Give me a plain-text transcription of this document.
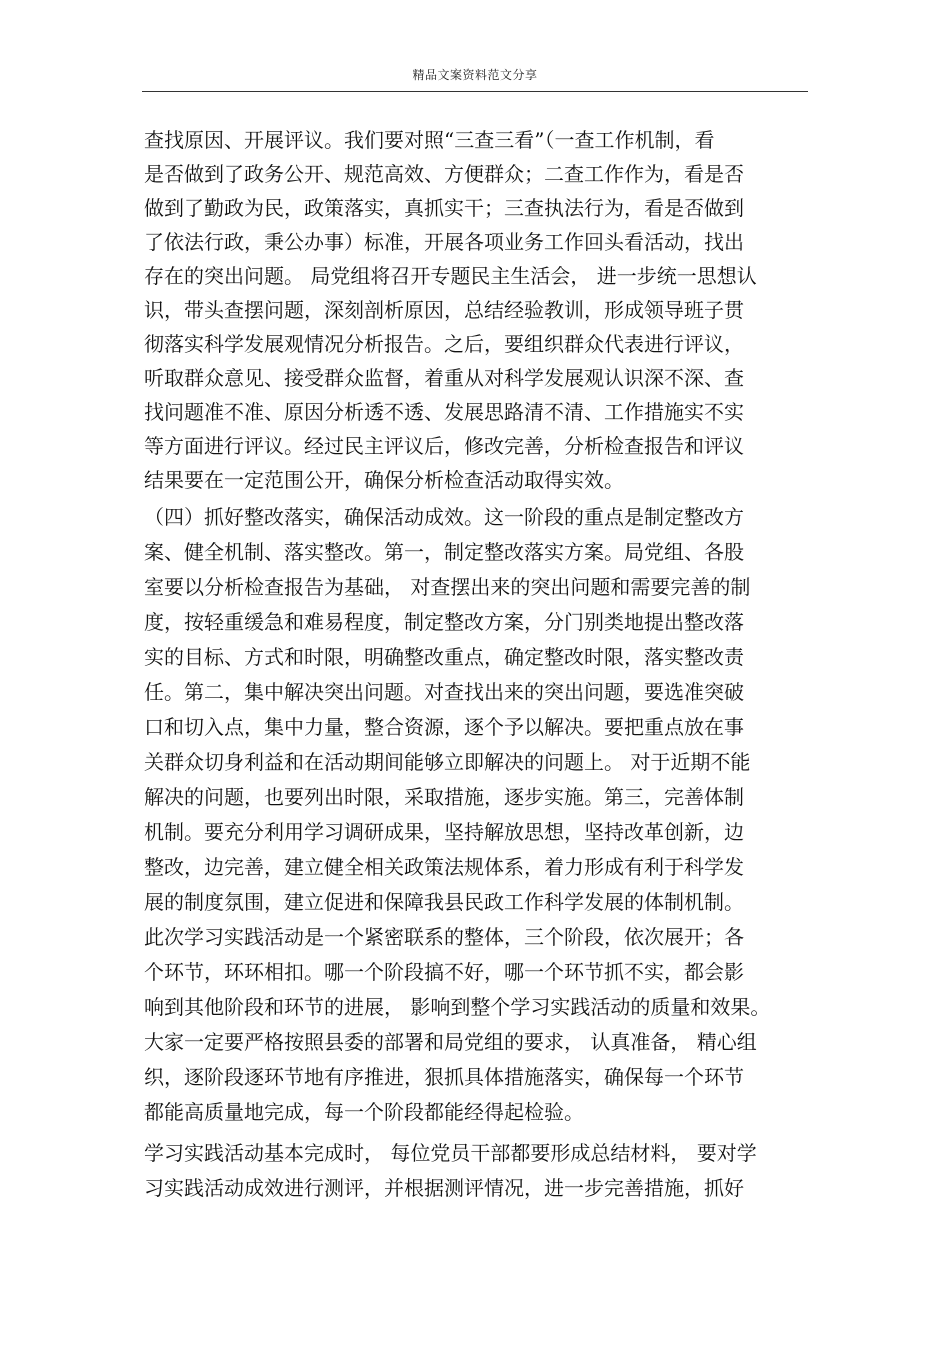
精品文案资料范文分享
查找原因、开展评议。我们要对照“三查三看”（一查工作机制，看
是否做到了政务公开、规范高效、方便群众；二查工作作为，看是否
做到了勤政为民，政策落实，真抓实干；三查执法行为，看是否做到
了依法行政，秉公办事）标准，开展各项业务工作回头看活动，找出
存在的突出问题。 局党组将召开专题民主生活会， 进一步统一思想认
识，带头查摆问题，深刻剖析原因，总结经验教训，形成领导班子贯
彻落实科学发展观情况分析报告。之后，要组织群众代表进行评议，
听取群众意见、接受群众监督，着重从对科学发展观认识深不深、查
找问题准不准、原因分析透不透、发展思路清不清、工作措施实不实
等方面进行评议。经过民主评议后，修改完善，分析检查报告和评议
结果要在一定范围公开，确保分析检查活动取得实效。
（四）抓好整改落实，确保活动成效。这一阶段的重点是制定整改方
案、健全机制、落实整改。第一，制定整改落实方案。局党组、各股
室要以分析检查报告为基础， 对查摆出来的突出问题和需要完善的制
度，按轻重缓急和难易程度，制定整改方案，分门别类地提出整改落
实的目标、方式和时限，明确整改重点，确定整改时限，落实整改责
任。第二，集中解决突出问题。对查找出来的突出问题，要选准突破
口和切入点，集中力量，整合资源，逐个予以解决。要把重点放在事
关群众切身利益和在活动期间能够立即解决的问题上。 对于近期不能
解决的问题，也要列出时限，采取措施，逐步实施。第三，完善体制
机制。要充分利用学习调研成果，坚持解放思想，坚持改革创新，边
整改，边完善，建立健全相关政策法规体系，着力形成有利于科学发
展的制度氛围，建立促进和保障我县民政工作科学发展的体制机制。
此次学习实践活动是一个紧密联系的整体，三个阶段，依次展开；各
个环节，环环相扣。哪一个阶段搞不好，哪一个环节抓不实，都会影
响到其他阶段和环节的进展， 影响到整个学习实践活动的质量和效果。
大家一定要严格按照县委的部署和局党组的要求， 认真准备， 精心组
织，逐阶段逐环节地有序推进，狠抓具体措施落实，确保每一个环节
都能高质量地完成，每一个阶段都能经得起检验。
学习实践活动基本完成时， 每位党员干部都要形成总结材料， 要对学
习实践活动成效进行测评，并根据测评情况，进一步完善措施，抓好
